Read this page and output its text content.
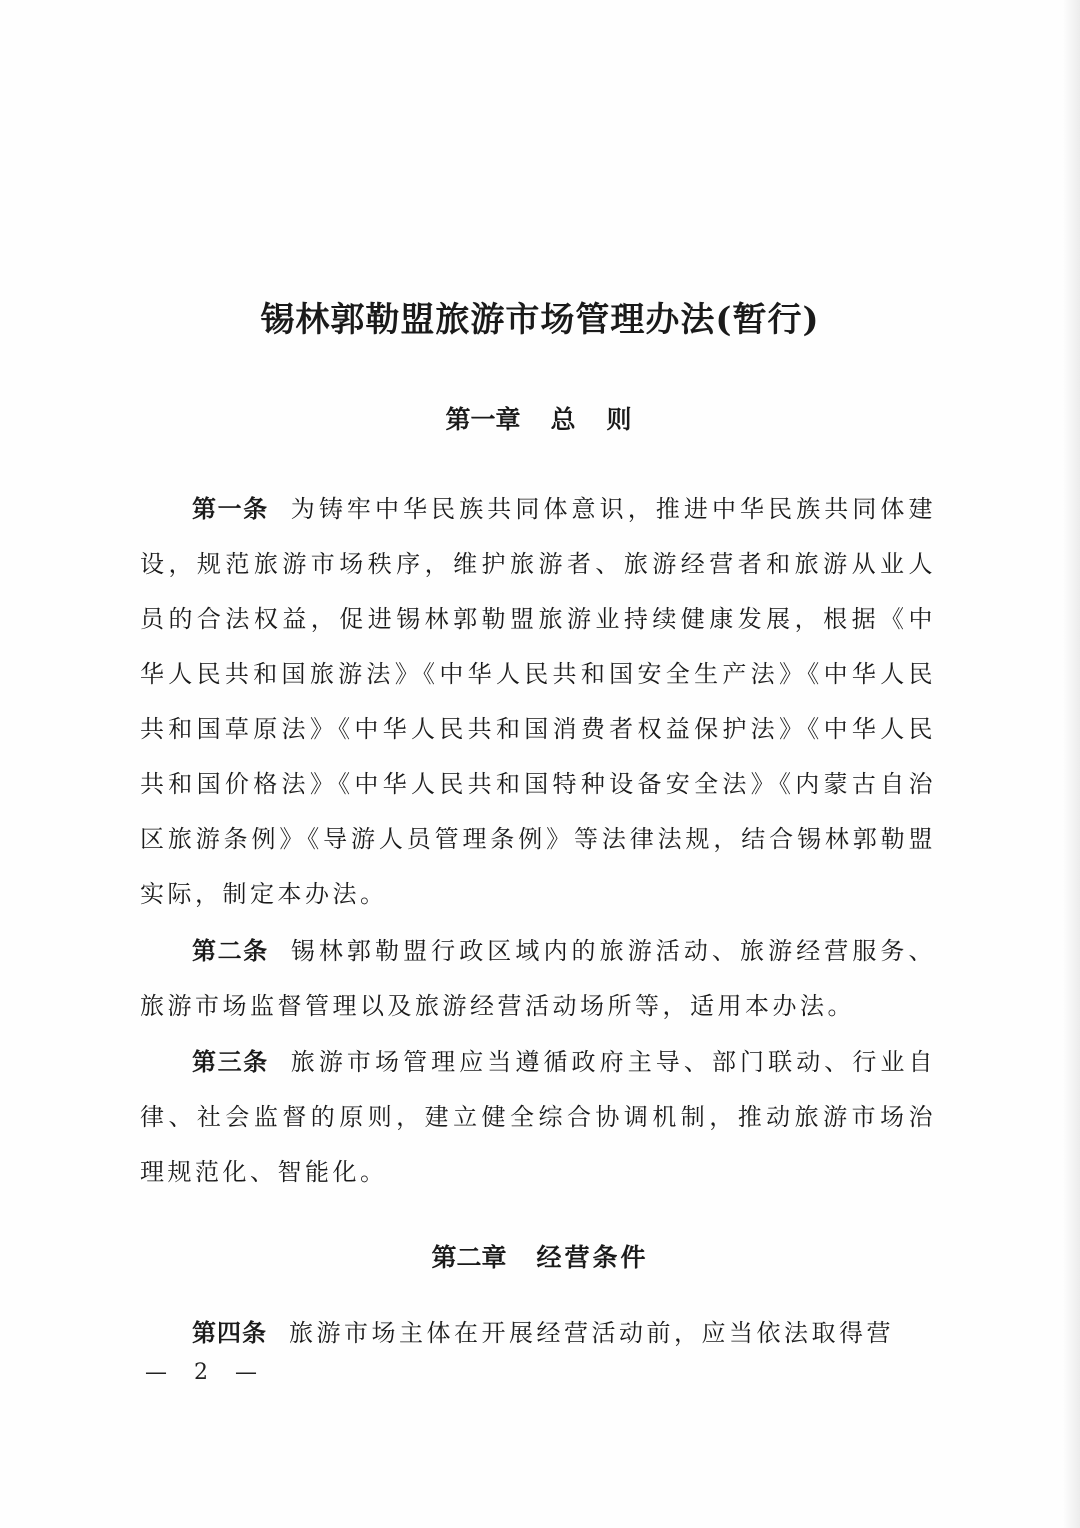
锡林郭勒盟旅游市场管理办法(暂行)
第一章 总　则

第一条 为铸牢中华民族共同体意识，推进中华民族共同体建设，规范旅游市场秩序，维护旅游者、旅游经营者和旅游从业人员的合法权益，促进锡林郭勒盟旅游业持续健康发展，根据《中华人民共和国旅游法》《中华人民共和国安全生产法》《中华人民共和国草原法》《中华人民共和国消费者权益保护法》《中华人民共和国价格法》《中华人民共和国特种设备安全法》《内蒙古自治区旅游条例》《导游人员管理条例》等法律法规，结合锡林郭勒盟实际，制定本办法。

第二条 锡林郭勒盟行政区域内的旅游活动、旅游经营服务、旅游市场监督管理以及旅游经营活动场所等，适用本办法。

第三条 旅游市场管理应当遵循政府主导、部门联动、行业自律、社会监督的原则，建立健全综合协调机制，推动旅游市场治理规范化、智能化。

第二章 经营条件

第四条 旅游市场主体在开展经营活动前，应当依法取得营

— 2 —
